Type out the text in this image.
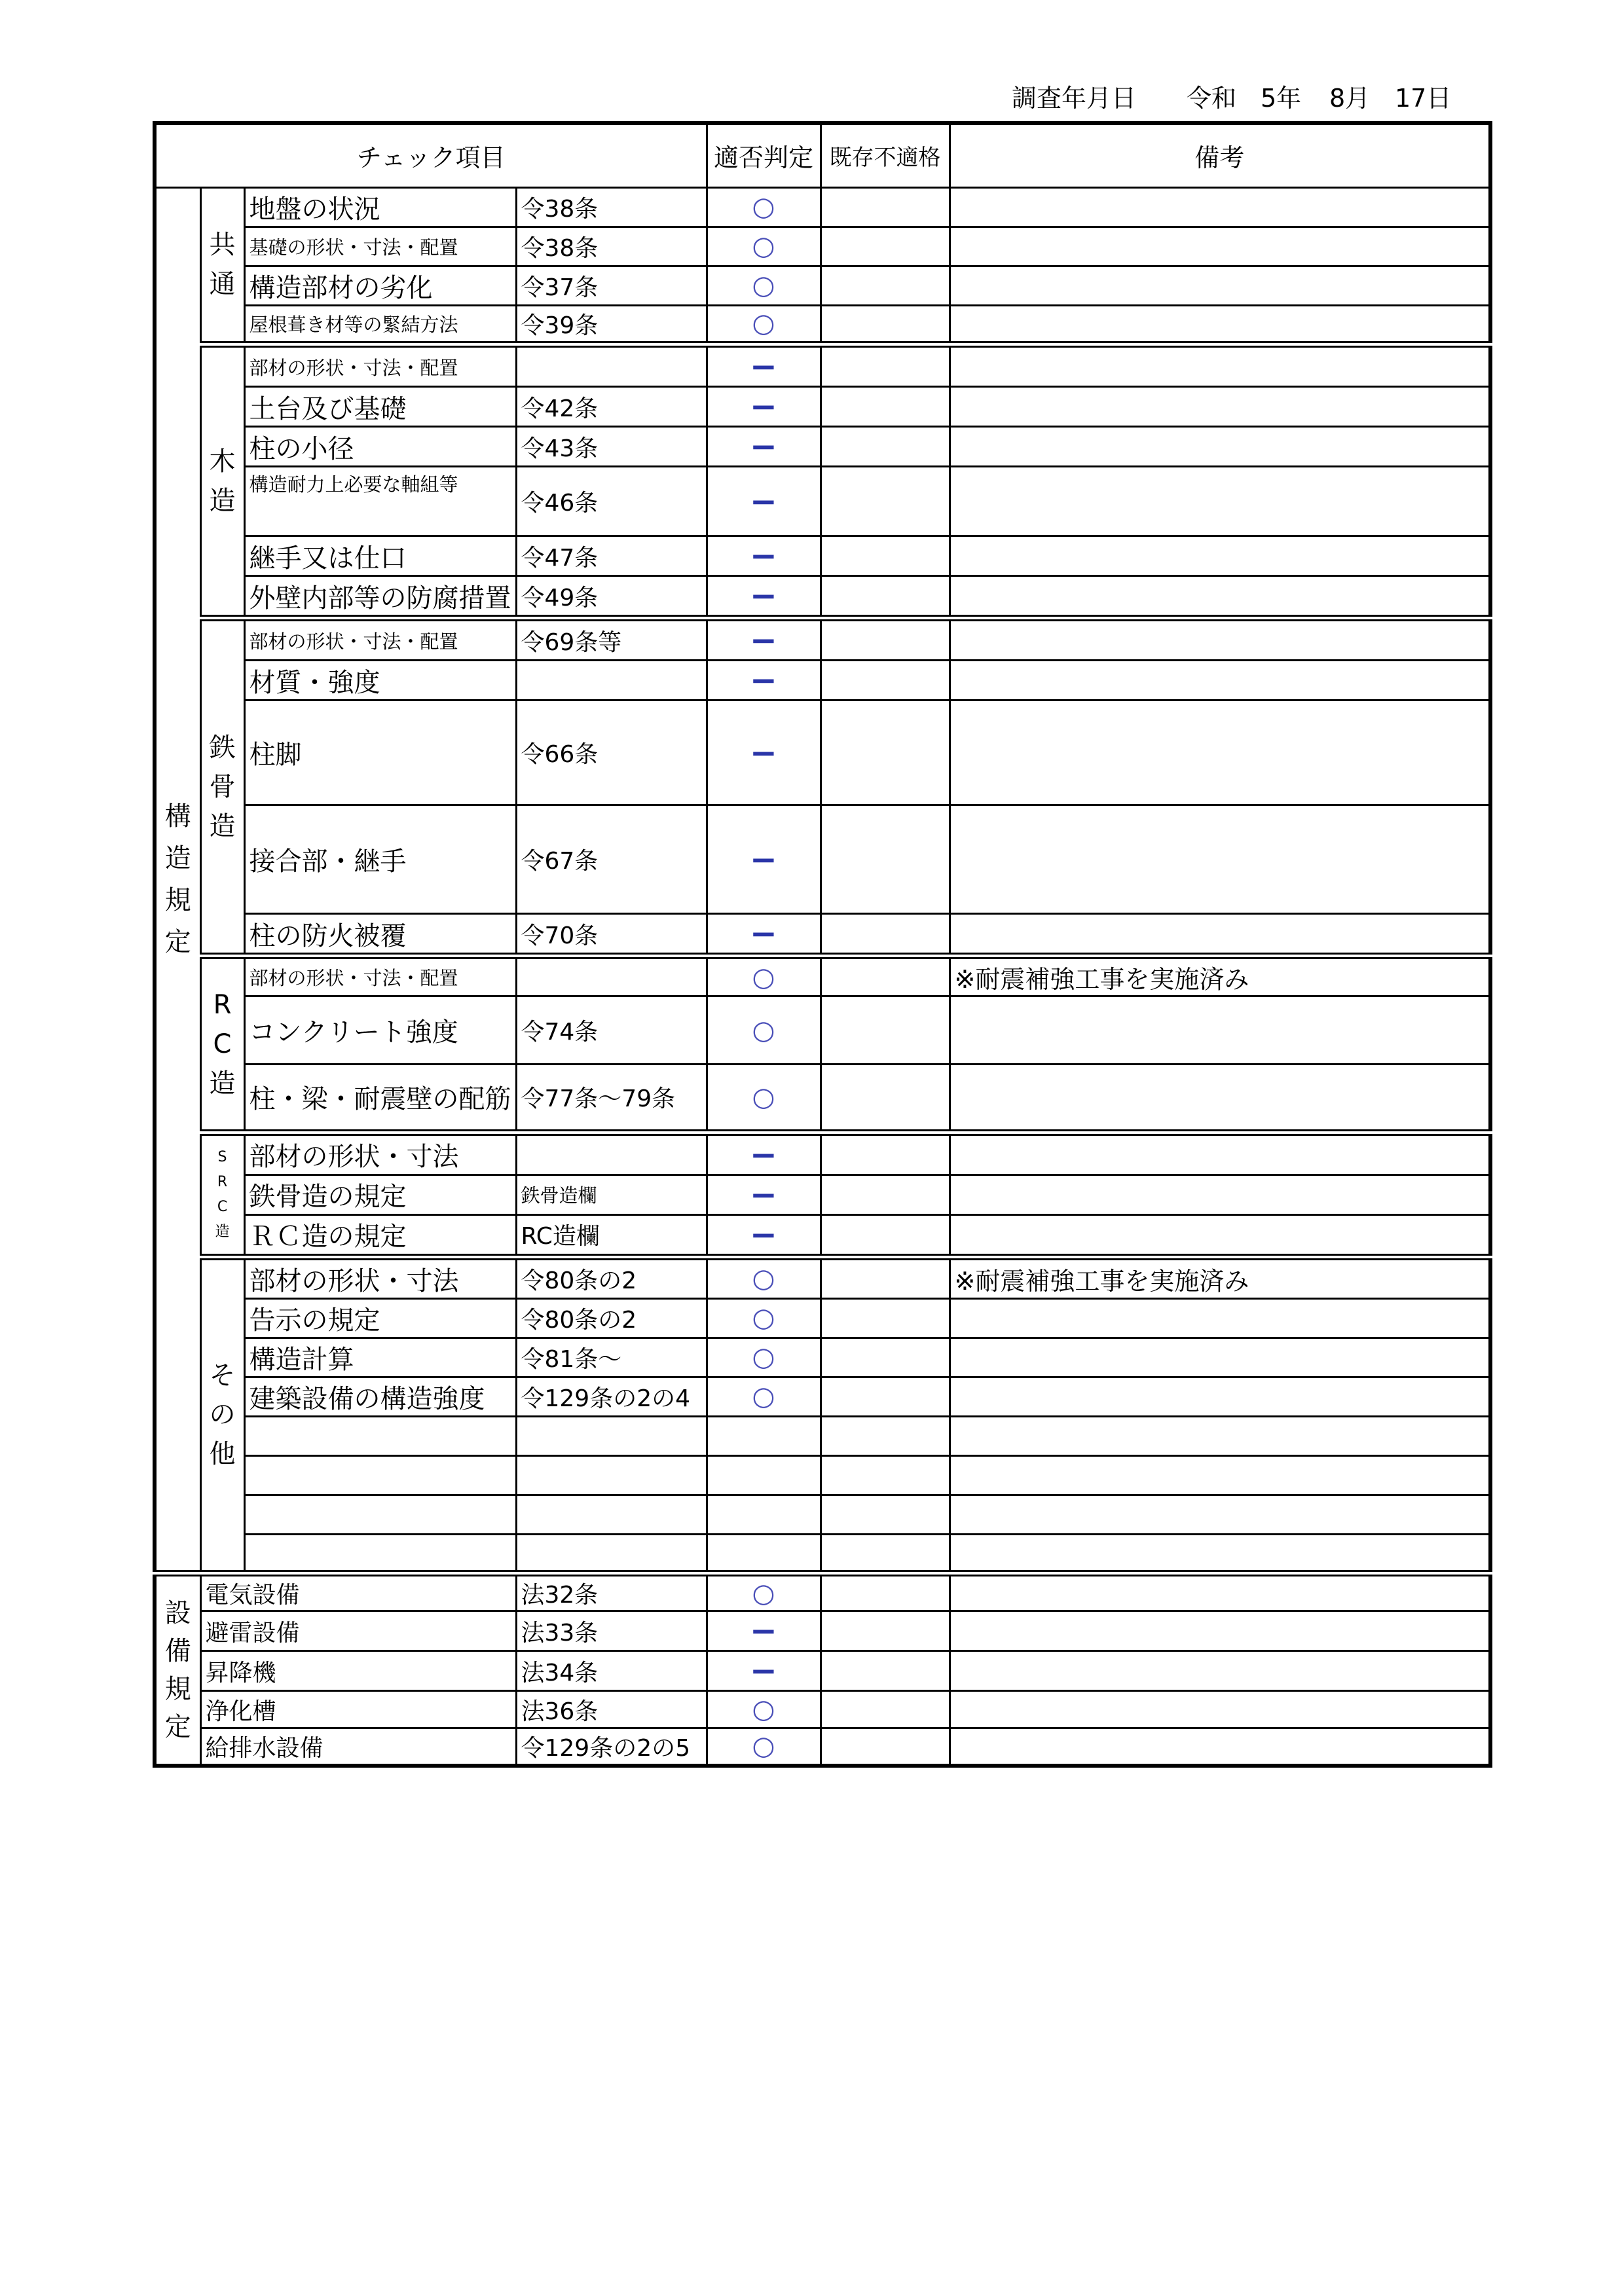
調査年月日

令和

5年

8月

17日

チェック項目				適否判定	既存不適格	備考

構
造
規
定	共
通	地盤の状況	令38条	○		
		基礎の形状・寸法・配置	令38条	○		
		構造部材の劣化	令37条	○		
		屋根葺き材等の緊結方法	令39条	○		

	木
造	部材の形状・寸法・配置		−		
		土台及び基礎	令42条	−		
		柱の小径	令43条	−		
		構造耐力上必要な軸組等	令46条	−		
		継手又は仕口	令47条	−		
		外壁内部等の防腐措置	令49条	−		

	鉄
骨
造	部材の形状・寸法・配置	令69条等	−		
		材質・強度		−		
		柱脚	令66条	−		
		接合部・継手	令67条	−		
		柱の防火被覆	令70条	−		

	R
C
造	部材の形状・寸法・配置		○		※耐震補強工事を実施済み
		コンクリート強度	令74条	○		
		柱・梁・耐震壁の配筋	令77条～79条	○		

	S
R
C
造	部材の形状・寸法		−		
		鉄骨造の規定	鉄骨造欄	−		
		ＲＣ造の規定	RC造欄	−		

	そ
の
他	部材の形状・寸法	令80条の2	○		※耐震補強工事を実施済み
		告示の規定	令80条の2	○		
		構造計算	令81条～	○		
		建築設備の構造強度	令129条の2の4	○		

設
備
規
定	電気設備		法32条	○		
	避雷設備		法33条	−		
	昇降機		法34条	−		
	浄化槽		法36条	○		
	給排水設備		令129条の2の5	○		
